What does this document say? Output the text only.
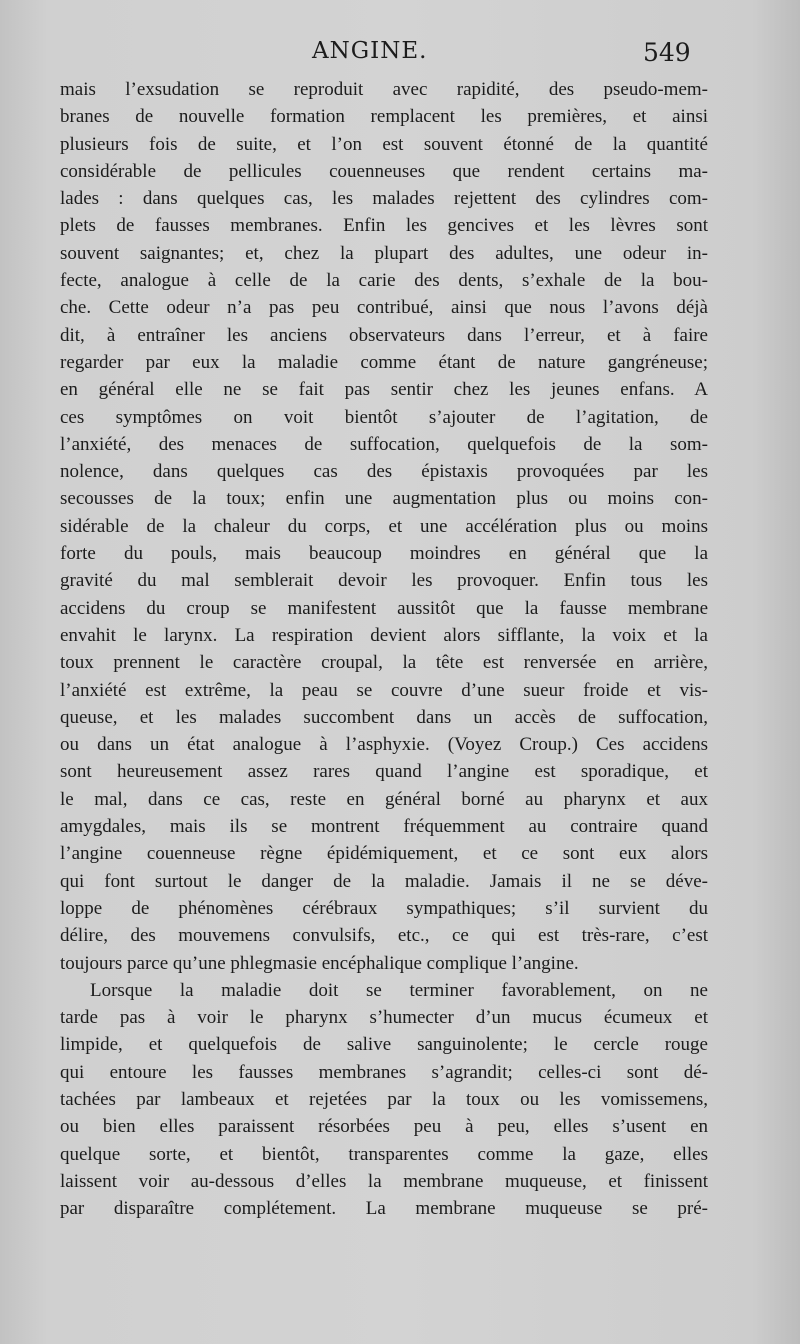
ANGINE.	549
mais l’exsudation se reproduit avec rapidité, des pseudo-mem-
branes de nouvelle formation remplacent les premières, et ainsi
plusieurs fois de suite, et l’on est souvent étonné de la quantité
considérable de pellicules couenneuses que rendent certains ma-
lades : dans quelques cas, les malades rejettent des cylindres com-
plets de fausses membranes. Enfin les gencives et les lèvres sont
souvent saignantes; et, chez la plupart des adultes, une odeur in-
fecte, analogue à celle de la carie des dents, s’exhale de la bou-
che. Cette odeur n’a pas peu contribué, ainsi que nous l’avons déjà
dit, à entraîner les anciens observateurs dans l’erreur, et à faire
regarder par eux la maladie comme étant de nature gangréneuse;
en général elle ne se fait pas sentir chez les jeunes enfans. A
ces symptômes on voit bientôt s’ajouter de l’agitation, de
l’anxiété, des menaces de suffocation, quelquefois de la som-
nolence, dans quelques cas des épistaxis provoquées par les
secousses de la toux; enfin une augmentation plus ou moins con-
sidérable de la chaleur du corps, et une accélération plus ou moins
forte du pouls, mais beaucoup moindres en général que la
gravité du mal semblerait devoir les provoquer. Enfin tous les
accidens du croup se manifestent aussitôt que la fausse membrane
envahit le larynx. La respiration devient alors sifflante, la voix et la
toux prennent le caractère croupal, la tête est renversée en arrière,
l’anxiété est extrême, la peau se couvre d’une sueur froide et vis-
queuse, et les malades succombent dans un accès de suffocation,
ou dans un état analogue à l’asphyxie. (Voyez Croup.) Ces accidens
sont heureusement assez rares quand l’angine est sporadique, et
le mal, dans ce cas, reste en général borné au pharynx et aux
amygdales, mais ils se montrent fréquemment au contraire quand
l’angine couenneuse règne épidémiquement, et ce sont eux alors
qui font surtout le danger de la maladie. Jamais il ne se déve-
loppe de phénomènes cérébraux sympathiques; s’il survient du
délire, des mouvemens convulsifs, etc., ce qui est très-rare, c’est
toujours parce qu’une phlegmasie encéphalique complique l’angine.
Lorsque la maladie doit se terminer favorablement, on ne
tarde pas à voir le pharynx s’humecter d’un mucus écumeux et
limpide, et quelquefois de salive sanguinolente; le cercle rouge
qui entoure les fausses membranes s’agrandit; celles-ci sont dé-
tachées par lambeaux et rejetées par la toux ou les vomissemens,
ou bien elles paraissent résorbées peu à peu, elles s’usent en
quelque sorte, et bientôt, transparentes comme la gaze, elles
laissent voir au-dessous d’elles la membrane muqueuse, et finissent
par disparaître complétement. La membrane muqueuse se pré-
